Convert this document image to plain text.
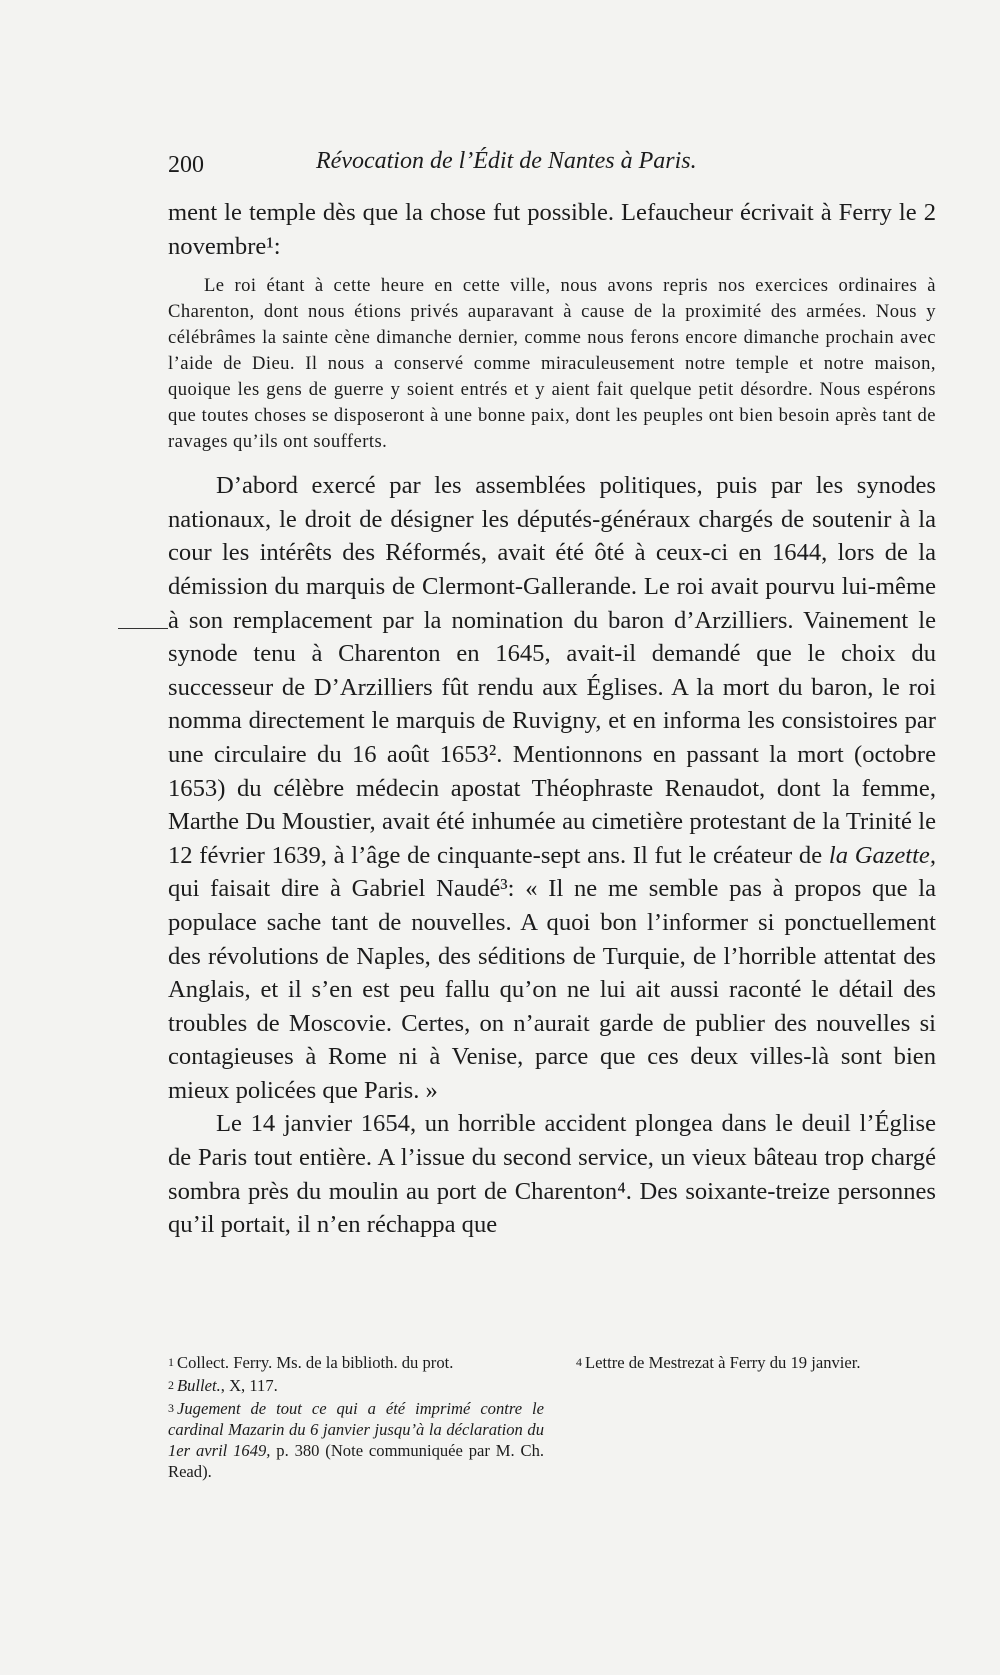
200	Révocation de l’Édit de Nantes à Paris.

ment le temple dès que la chose fut possible. Lefaucheur écrivait à Ferry le 2 novembre¹:

Le roi étant à cette heure en cette ville, nous avons repris nos exercices ordinaires à Charenton, dont nous étions privés auparavant à cause de la proximité des armées. Nous y célébrâmes la sainte cène dimanche dernier, comme nous ferons encore dimanche prochain avec l’aide de Dieu. Il nous a conservé comme miraculeusement notre temple et notre maison, quoique les gens de guerre y soient entrés et y aient fait quelque petit désordre. Nous espérons que toutes choses se disposeront à une bonne paix, dont les peuples ont bien besoin après tant de ravages qu’ils ont soufferts.

D’abord exercé par les assemblées politiques, puis par les synodes nationaux, le droit de désigner les députés-généraux chargés de soutenir à la cour les intérêts des Réformés, avait été ôté à ceux-ci en 1644, lors de la démission du marquis de Clermont-Gallerande. Le roi avait pourvu lui-même à son remplacement par la nomination du baron d’Arzilliers. Vainement le synode tenu à Charenton en 1645, avait-il demandé que le choix du successeur de D’Arzilliers fût rendu aux Églises. A la mort du baron, le roi nomma directement le marquis de Ruvigny, et en informa les consistoires par une circulaire du 16 août 1653². Mentionnons en passant la mort (octobre 1653) du célèbre médecin apostat Théophraste Renaudot, dont la femme, Marthe Du Moustier, avait été inhumée au cimetière protestant de la Trinité le 12 février 1639, à l’âge de cinquante-sept ans. Il fut le créateur de la Gazette, qui faisait dire à Gabriel Naudé³: « Il ne me semble pas à propos que la populace sache tant de nouvelles. A quoi bon l’informer si ponctuellement des révolutions de Naples, des séditions de Turquie, de l’horrible attentat des Anglais, et il s’en est peu fallu qu’on ne lui ait aussi raconté le détail des troubles de Moscovie. Certes, on n’aurait garde de publier des nouvelles si contagieuses à Rome ni à Venise, parce que ces deux villes-là sont bien mieux policées que Paris. »

Le 14 janvier 1654, un horrible accident plongea dans le deuil l’Église de Paris tout entière. A l’issue du second service, un vieux bâteau trop chargé sombra près du moulin au port de Charenton⁴. Des soixante-treize personnes qu’il portait, il n’en réchappa que

$^1$ Collect. Ferry. Ms. de la biblioth. du prot.

$^2$ Bullet., X, 117.

$^3$ Jugement de tout ce qui a été imprimé contre le cardinal Mazarin du 6 janvier jusqu’à la déclaration du 1er avril 1649, p. 380 (Note communiquée par M. Ch. Read).

$^4$ Lettre de Mestrezat à Ferry du 19 janvier.
